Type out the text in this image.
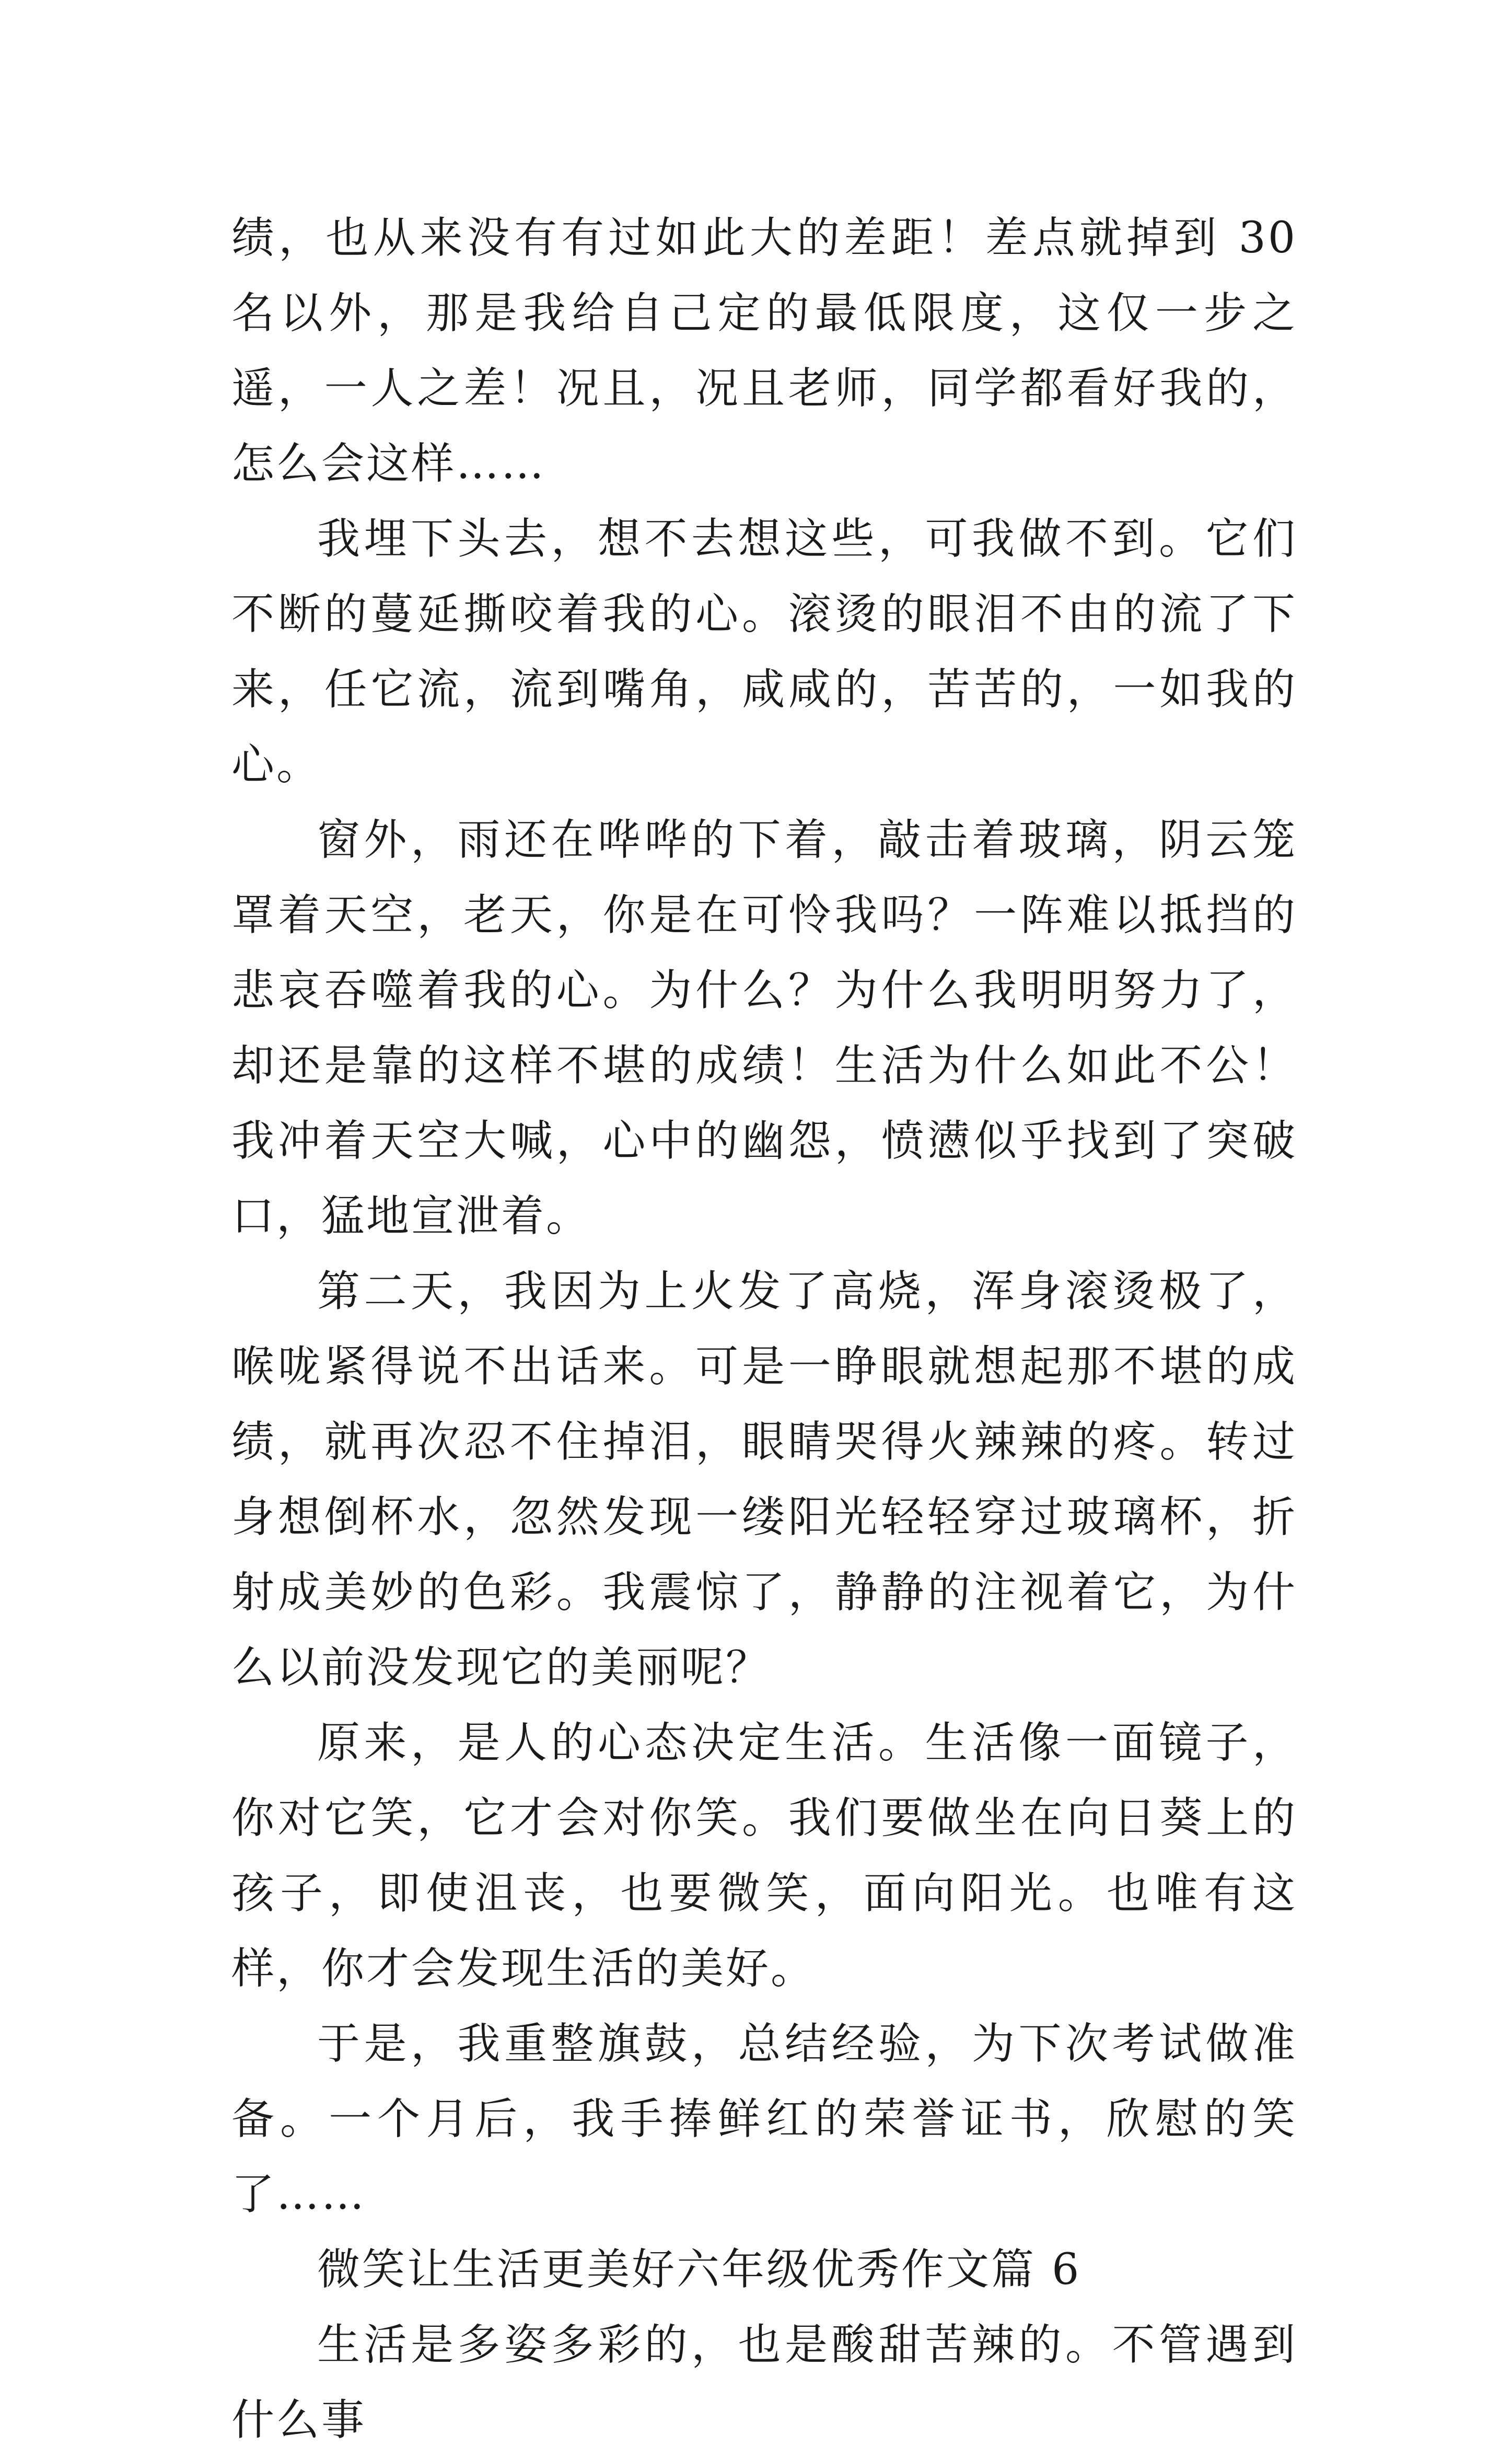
绩，也从来没有有过如此大的差距！差点就掉到 30 名以外，那是我给自己定的最低限度，这仅一步之遥，一人之差！况且，况且老师，同学都看好我的，怎么会这样……

我埋下头去，想不去想这些，可我做不到。它们不断的蔓延撕咬着我的心。滚烫的眼泪不由的流了下来，任它流，流到嘴角，咸咸的，苦苦的，一如我的心。

窗外，雨还在哗哗的下着，敲击着玻璃，阴云笼罩着天空，老天，你是在可怜我吗？一阵难以抵挡的悲哀吞噬着我的心。为什么？为什么我明明努力了，却还是靠的这样不堪的成绩！生活为什么如此不公！我冲着天空大喊，心中的幽怨，愤懑似乎找到了突破口，猛地宣泄着。

第二天，我因为上火发了高烧，浑身滚烫极了，喉咙紧得说不出话来。可是一睁眼就想起那不堪的成绩，就再次忍不住掉泪，眼睛哭得火辣辣的疼。转过身想倒杯水，忽然发现一缕阳光轻轻穿过玻璃杯，折射成美妙的色彩。我震惊了，静静的注视着它，为什么以前没发现它的美丽呢？

原来，是人的心态决定生活。生活像一面镜子，你对它笑，它才会对你笑。我们要做坐在向日葵上的孩子，即使沮丧，也要微笑，面向阳光。也唯有这样，你才会发现生活的美好。

于是，我重整旗鼓，总结经验，为下次考试做准备。一个月后，我手捧鲜红的荣誉证书，欣慰的笑了……

微笑让生活更美好六年级优秀作文篇 6

生活是多姿多彩的，也是酸甜苦辣的。不管遇到什么事
